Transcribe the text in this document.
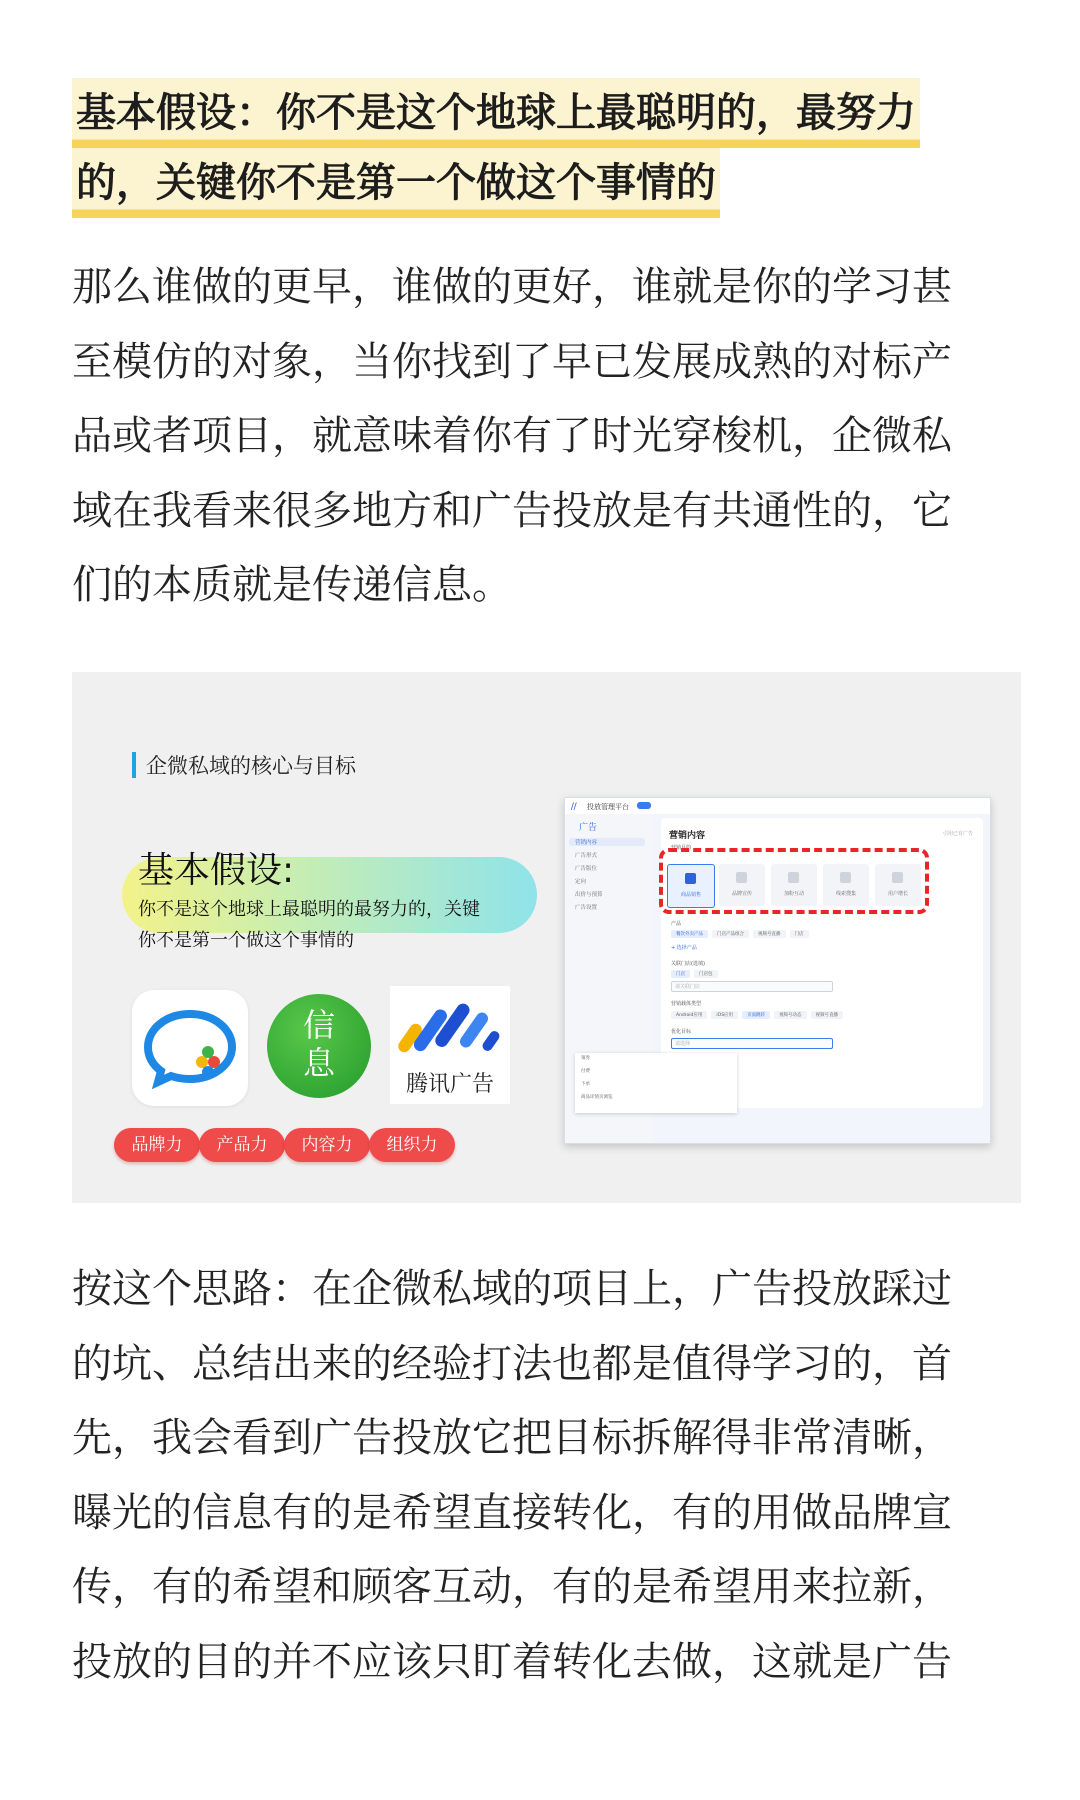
基本假设：你不是这个地球上最聪明的，最努力
的，关键你不是第一个做这个事情的
那么谁做的更早，谁做的更好，谁就是你的学习甚
至模仿的对象，当你找到了早已发展成熟的对标产
品或者项目，就意味着你有了时光穿梭机，企微私
域在我看来很多地方和广告投放是有共通性的，它
们的本质就是传递信息。
企微私域的核心与目标
基本假设:
你不是这个地球上最聪明的最努力的，关键
你不是第一个做这个事情的
信
息
腾讯广告
品牌力	产品力	内容力	组织力
⧸⧸	投放管理平台
广告
营销内容
广告形式
广告版位
定向
出价与预算
广告设置
营销内容	引用已有广告
营销目的
商品销售	品牌宣传	加粉互动	线索搜集	用户增长
产品
餐饮外卖产品	门店产品组合	视频号直播	门店
+ 选择产品
关联门店(选填)
门店	门店包
请关联门店
营销载体类型
Android应用	iOS应用	页面跳转	视频号动态	视频号直播
优化目标
请选择
领券
付费
下单
商品详情页浏览
按这个思路：在企微私域的项目上，广告投放踩过
的坑、总结出来的经验打法也都是值得学习的，首
先，我会看到广告投放它把目标拆解得非常清晰，
曝光的信息有的是希望直接转化，有的用做品牌宣
传，有的希望和顾客互动，有的是希望用来拉新，
投放的目的并不应该只盯着转化去做，这就是广告
